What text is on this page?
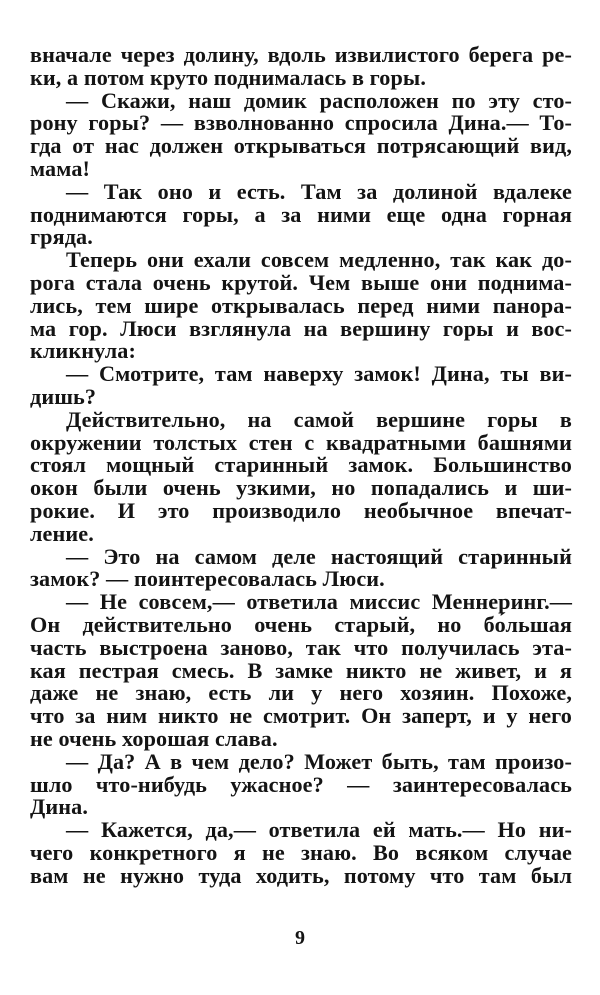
вначале через долину, вдоль извилистого берега ре-
ки, а потом круто поднималась в горы.
— Скажи, наш домик расположен по эту сто-
рону горы? — взволнованно спросила Дина.— То-
гда от нас должен открываться потрясающий вид,
мама!
— Так оно и есть. Там за долиной вдалеке
поднимаются горы, а за ними еще одна горная
гряда.
Теперь они ехали совсем медленно, так как до-
рога стала очень крутой. Чем выше они поднима-
лись, тем шире открывалась перед ними панора-
ма гор. Люси взглянула на вершину горы и вос-
кликнула:
— Смотрите, там наверху замок! Дина, ты ви-
дишь?
Действительно, на самой вершине горы в
окружении толстых стен с квадратными башнями
стоял мощный старинный замок. Большинство
окон были очень узкими, но попадались и ши-
рокие. И это производило необычное впечат-
ление.
— Это на самом деле настоящий старинный
замок? — поинтересовалась Люси.
— Не совсем,— ответила миссис Меннеринг.—
Он действительно очень старый, но бо́льшая
часть выстроена заново, так что получилась эта-
кая пестрая смесь. В замке никто не живет, и я
даже не знаю, есть ли у него хозяин. Похоже,
что за ним никто не смотрит. Он заперт, и у него
не очень хорошая слава.
— Да? А в чем дело? Может быть, там произо-
шло что-нибудь ужасное? — заинтересовалась
Дина.
— Кажется, да,— ответила ей мать.— Но ни-
чего конкретного я не знаю. Во всяком случае
вам не нужно туда ходить, потому что там был
9
